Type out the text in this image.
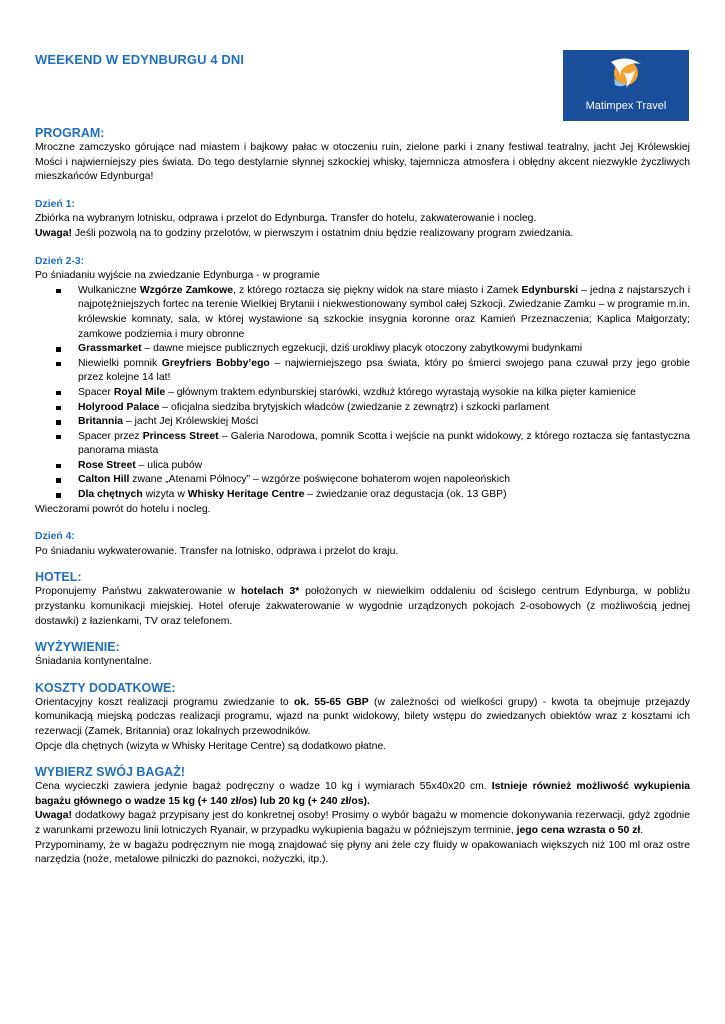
WEEKEND W EDYNBURGU 4 DNI
Matimpex Travel
PROGRAM:

Mroczne zamczysko górujące nad miastem i bajkowy pałac w otoczeniu ruin, zielone parki i znany festiwal teatralny, jacht Jej Królewskiej Mości i najwierniejszy pies świata. Do tego destylarnie słynnej szkockiej whisky, tajemnicza atmosfera i obłędny akcent niezwykle życzliwych mieszkańców Edynburga!

Dzień 1:

Zbiórka na wybranym lotnisku, odprawa i przelot do Edynburga. Transfer do hotelu, zakwaterowanie i nocleg.

Uwaga! Jeśli pozwolą na to godziny przelotów, w pierwszym i ostatnim dniu będzie realizowany program zwiedzania.

Dzień 2-3:

Po śniadaniu wyjście na zwiedzanie Edynburga - w programie

Wulkaniczne Wzgórze Zamkowe, z którego roztacza się piękny widok na stare miasto i Zamek Edynburski – jedna z najstarszych i najpotężniejszych fortec na terenie Wielkiej Brytanii i niekwestionowany symbol całej Szkocji. Zwiedzanie Zamku – w programie m.in. królewskie komnaty, sala, w której wystawione są szkockie insygnia koronne oraz Kamień Przeznaczenia; Kaplica Małgorzaty; zamkowe podziemia i mury obronne
Grassmarket – dawne miejsce publicznych egzekucji, dziś urokliwy placyk otoczony zabytkowymi budynkami
Niewielki pomnik Greyfriers Bobby’ego – najwierniejszego psa świata, który po śmierci swojego pana czuwał przy jego grobie przez kolejne 14 lat!
Spacer Royal Mile – głównym traktem edynburskiej starówki, wzdłuż którego wyrastają wysokie na kilka pięter kamienice
Holyrood Palace – oficjalna siedziba brytyjskich władców (zwiedzanie z zewnątrz) i szkocki parlament
Britannia – jacht Jej Królewskiej Mości
Spacer przez Princess Street – Galeria Narodowa, pomnik Scotta i wejście na punkt widokowy, z którego roztacza się fantastyczna panorama miasta
Rose Street – ulica pubów
Calton Hill zwane „Atenami Północy” – wzgórze poświęcone bohaterom wojen napoleońskich
Dla chętnych wizyta w Whisky Heritage Centre – zwiedzanie oraz degustacja (ok. 13 GBP)

Wieczorami powrót do hotelu i nocleg.

Dzień 4:

Po śniadaniu wykwaterowanie. Transfer na lotnisko, odprawa i przelot do kraju.

HOTEL:

Proponujemy Państwu zakwaterowanie w hotelach 3* położonych w niewielkim oddaleniu od ścisłego centrum Edynburga, w pobliżu przystanku komunikacji miejskiej. Hotel oferuje zakwaterowanie w wygodnie urządzonych pokojach 2-osobowych (z możliwością jednej dostawki) z łazienkami, TV oraz telefonem.

WYŻYWIENIE:

Śniadania kontynentalne.

KOSZTY DODATKOWE:

Orientacyjny koszt realizacji programu zwiedzanie to ok. 55-65 GBP (w zależności od wielkości grupy) - kwota ta obejmuje przejazdy komunikacją miejską podczas realizacji programu, wjazd na punkt widokowy, bilety wstępu do zwiedzanych obiektów wraz z kosztami ich rezerwacji (Zamek, Britannia) oraz lokalnych przewodników.

Opcje dla chętnych (wizyta w Whisky Heritage Centre) są dodatkowo płatne.

WYBIERZ SWÓJ BAGAŻ!

Cena wycieczki zawiera jedynie bagaż podręczny o wadze 10 kg i wymiarach 55x40x20 cm. Istnieje również możliwość wykupienia bagażu głównego o wadze 15 kg (+ 140 zł/os) lub 20 kg (+ 240 zł/os).

Uwaga! dodatkowy bagaż przypisany jest do konkretnej osoby! Prosimy o wybór bagażu w momencie dokonywania rezerwacji, gdyż zgodnie z warunkami przewozu linii lotniczych Ryanair, w przypadku wykupienia bagażu w późniejszym terminie, jego cena wzrasta o 50 zł.

Przypominamy, że w bagażu podręcznym nie mogą znajdować się płyny ani żele czy fluidy w opakowaniach większych niż 100 ml oraz ostre narzędzia (noże, metalowe pilniczki do paznokci, nożyczki, itp.).
